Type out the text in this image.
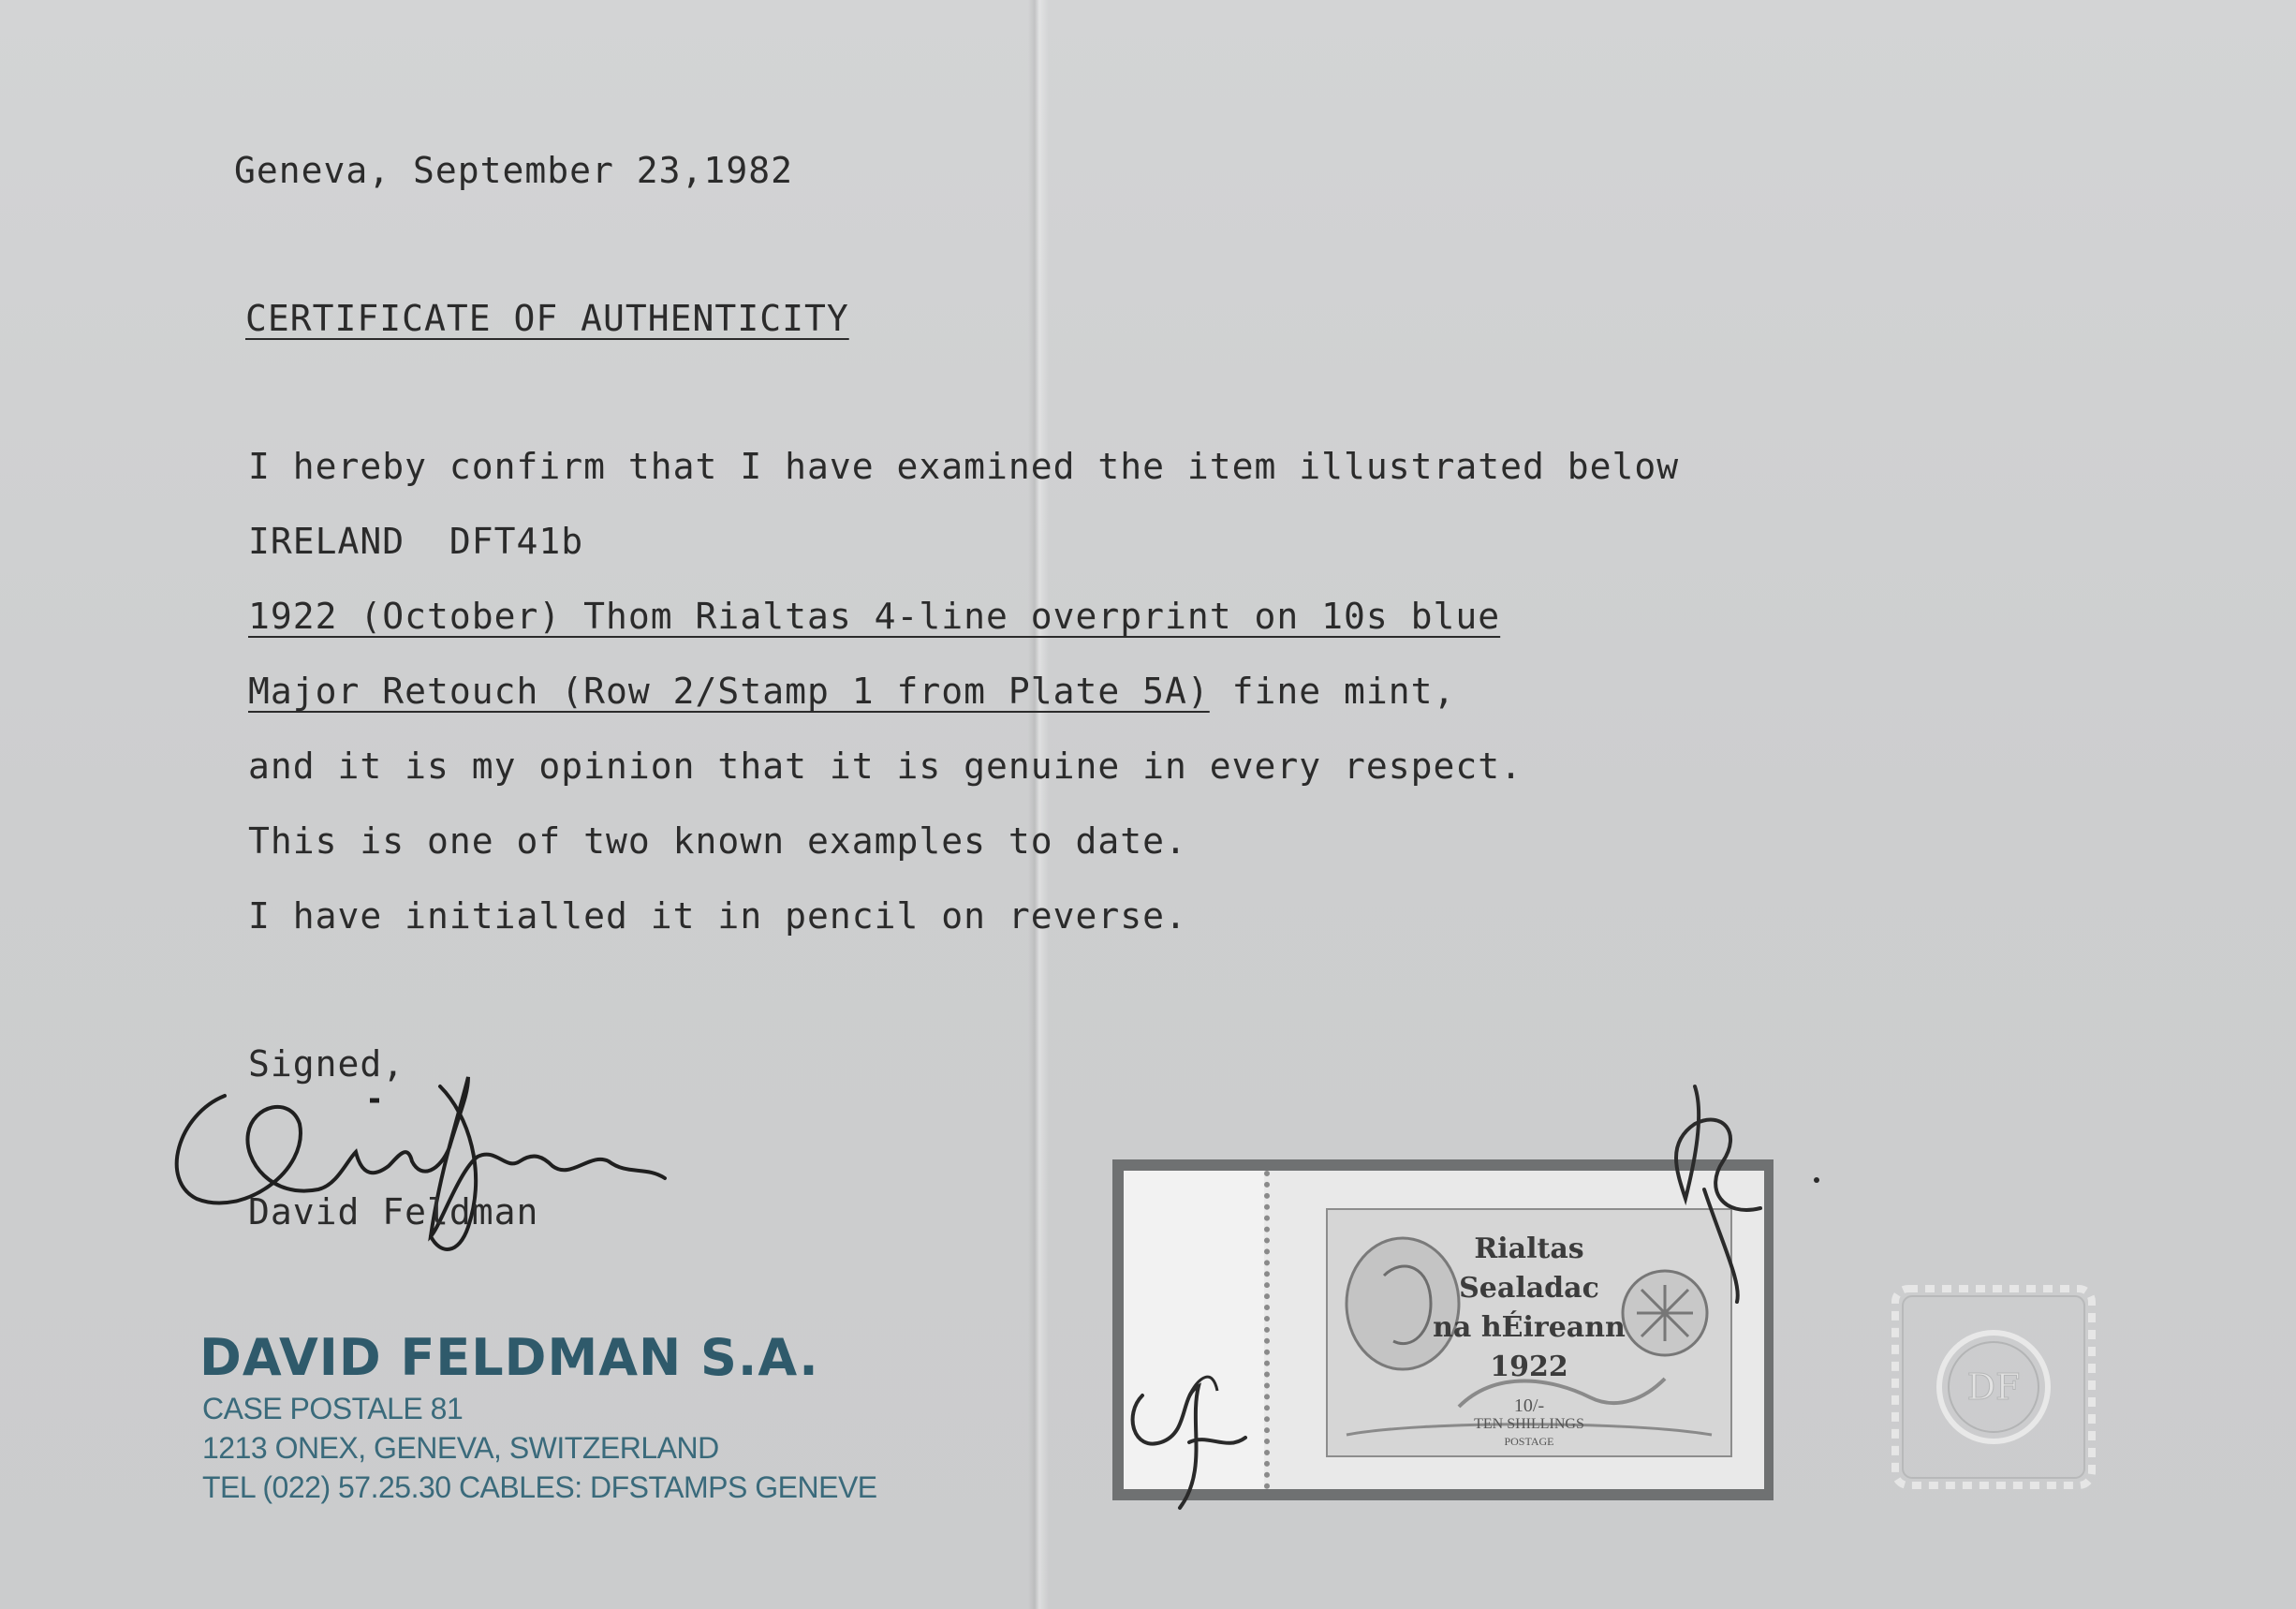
Geneva, September 23,1982
CERTIFICATE OF AUTHENTICITY
I hereby confirm that I have examined the item illustrated below
IRELAND  DFT41b
1922 (October) Thom Rialtas 4-line overprint on 10s blue
Major Retouch (Row 2/Stamp 1 from Plate 5A) fine mint,
and it is my opinion that it is genuine in every respect.
This is one of two known examples to date.
I have initialled it in pencil on reverse.
Signed,
David Feldman
DAVID FELDMAN S.A.
CASE POSTALE 81
1213 ONEX, GENEVA, SWITZERLAND
TEL (022) 57.25.30 CABLES: DFSTAMPS GENEVE
Rialtas
Sealadac
na hÉireann
1922
10/-
TEN SHILLINGS
POSTAGE
DF
